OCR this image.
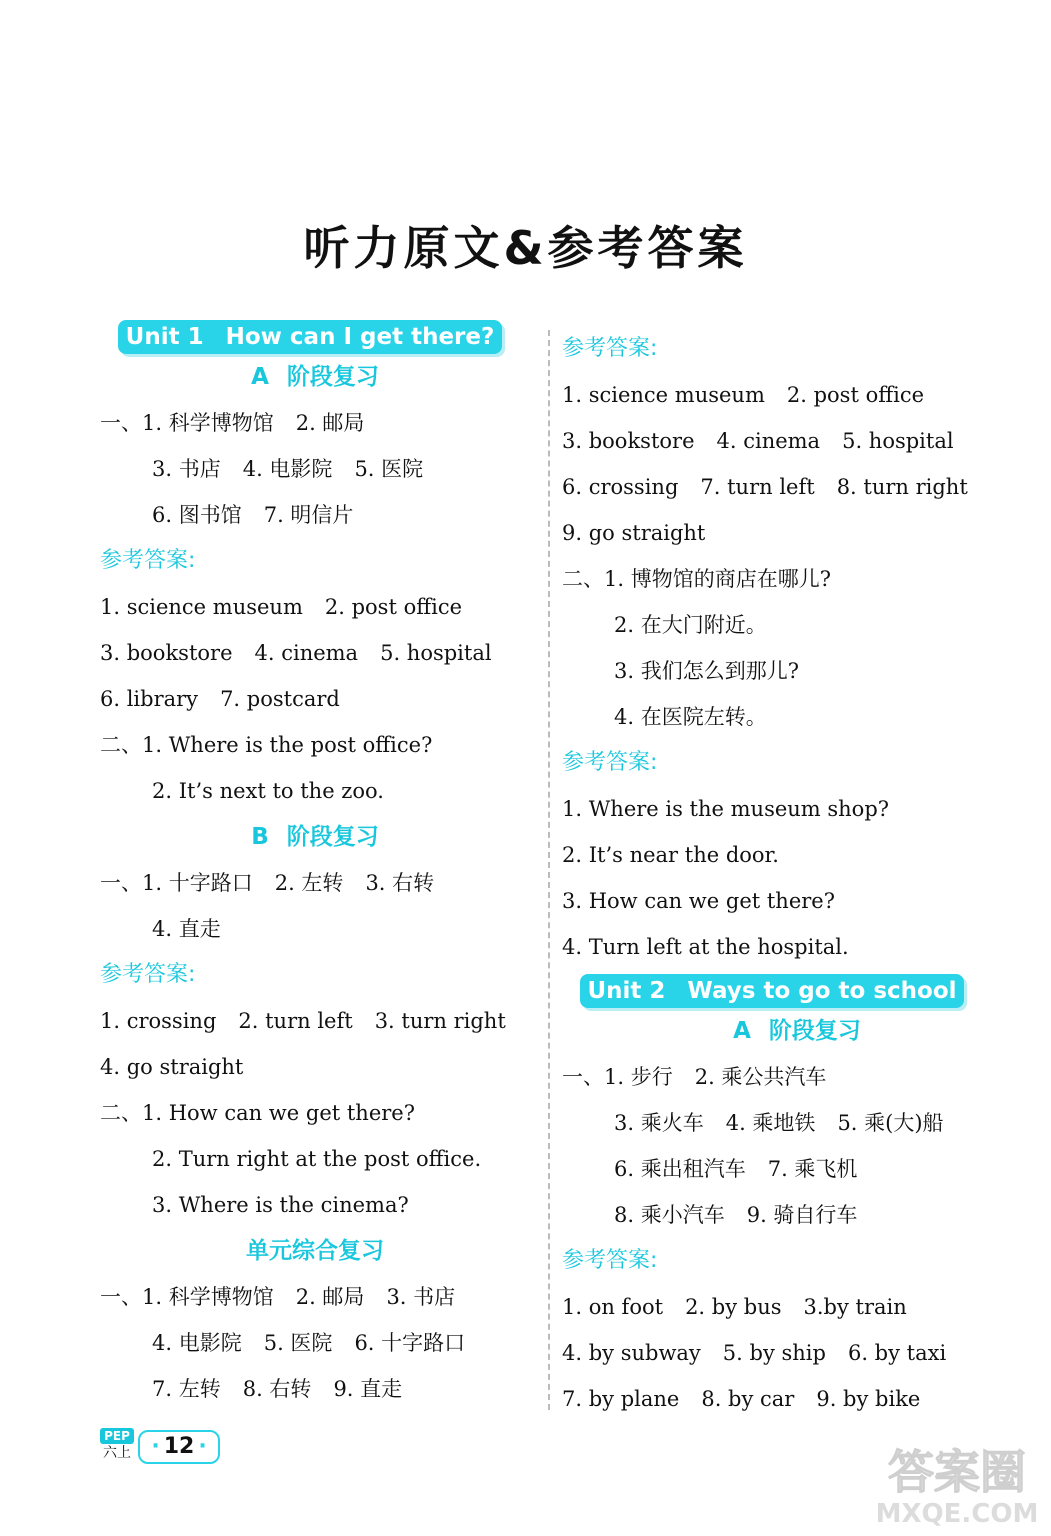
听力原文&参考答案
Unit 1 How can I get there?
A 阶段复习
一、1. 科学博物馆 2. 邮局
3. 书店 4. 电影院 5. 医院
6. 图书馆 7. 明信片
参考答案:
1. science museum 2. post office
3. bookstore 4. cinema 5. hospital
6. library 7. postcard
二、1. Where is the post office?
2. It’s next to the zoo.
B 阶段复习
一、1. 十字路口 2. 左转 3. 右转
4. 直走
参考答案:
1. crossing 2. turn left 3. turn right
4. go straight
二、1. How can we get there?
2. Turn right at the post office.
3. Where is the cinema?
单元综合复习
一、1. 科学博物馆 2. 邮局 3. 书店
4. 电影院 5. 医院 6. 十字路口
7. 左转 8. 右转 9. 直走
参考答案:
1. science museum 2. post office
3. bookstore 4. cinema 5. hospital
6. crossing 7. turn left 8. turn right
9. go straight
二、1. 博物馆的商店在哪儿?
2. 在大门附近。
3. 我们怎么到那儿?
4. 在医院左转。
参考答案:
1. Where is the museum shop?
2. It’s near the door.
3. How can we get there?
4. Turn left at the hospital.
Unit 2 Ways to go to school
A 阶段复习
一、1. 步行 2. 乘公共汽车
3. 乘火车 4. 乘地铁 5. 乘(大)船
6. 乘出租汽车 7. 乘飞机
8. 乘小汽车 9. 骑自行车
参考答案:
1. on foot 2. by bus 3.by train
4. by subway 5. by ship 6. by taxi
7. by plane 8. by car 9. by bike
PEP
六上 · 12 ·	答案圈
MXQE.COM
